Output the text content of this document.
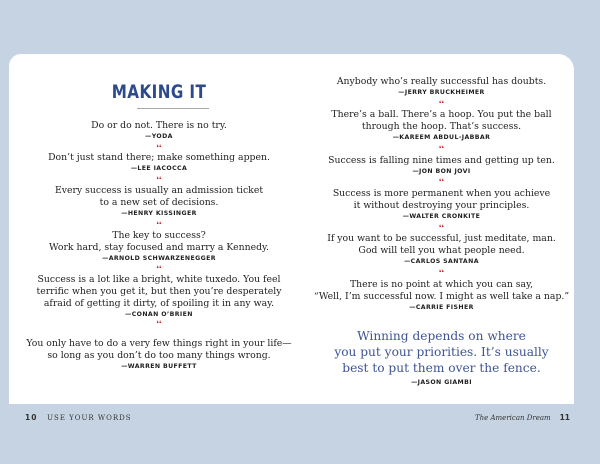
MAKING IT
Do or do not. There is no try.
—YODA
❛❛
Don’t just stand there; make something appen.
—LEE IACOCCA
❛❛
Every success is usually an admission ticket
to a new set of decisions.
—HENRY KISSINGER
❛❛
The key to success?
Work hard, stay focused and marry a Kennedy.
—ARNOLD SCHWARZENEGGER
❛❛
Success is a lot like a bright, white tuxedo. You feel
terrific when you get it, but then you’re desperately
afraid of getting it dirty, of spoiling it in any way.
—CONAN O’BRIEN
❛❛
You only have to do a very few things right in your life—
so long as you don’t do too many things wrong.
—WARREN BUFFETT
Anybody who’s really successful has doubts.
—JERRY BRUCKHEIMER
❛❛
There’s a ball. There’s a hoop. You put the ball
through the hoop. That’s success.
—KAREEM ABDUL-JABBAR
❛❛
Success is falling nine times and getting up ten.
—JON BON JOVI
❛❛
Success is more permanent when you achieve
it without destroying your principles.
—WALTER CRONKITE
❛❛
If you want to be successful, just meditate, man.
God will tell you what people need.
—CARLOS SANTANA
❛❛
There is no point at which you can say,
“Well, I’m successful now. I might as well take a nap.”
—CARRIE FISHER
Winning depends on where
you put your priorities. It’s usually
best to put them over the fence.
—JASON GIAMBI
10 USE YOUR WORDS	The American Dream 11
